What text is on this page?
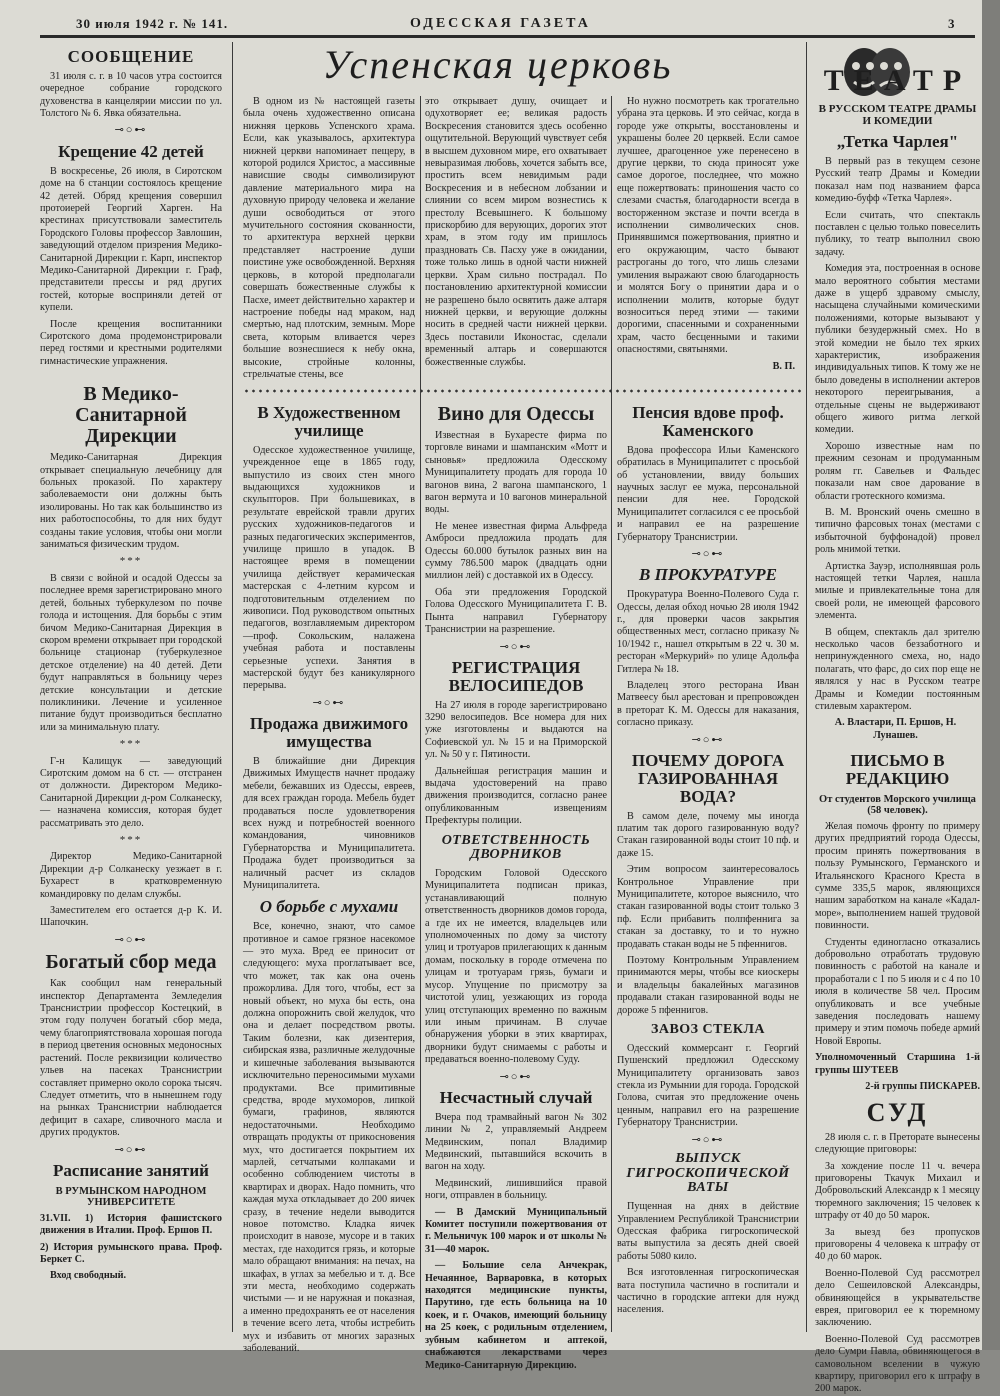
30 июля 1942 г. № 141.	ОДЕССКАЯ ГАЗЕТА	3
Успенская церковь
СООБЩЕНИЕ

31 июля с. г. в 10 часов утра состоится очередное собрание городского духовенства в канцелярии миссии по ул. Толстого № 6. Явка обязательна.

⊸○⊷
Крещение 42 детей

В воскресенье, 26 июля, в Сиротском доме на 6 станции состоялось крещение 42 детей. Обряд крещения совершил протоиерей Георгий Харген. На крестинах присутствовали заместитель Городского Головы профессор Завлошин, заведующий отделом призрения Медико-Санитарной Дирекции г. Карп, инспектор Медико-Санитарной Дирекции г. Граф, представители прессы и ряд других гостей, которые восприняли детей от купели.

После крещения воспитанники Сиротского дома продемонстрировали перед гостями и крестными родителями гимнастические упражнения.

В Медико-Санитарной Дирекции

Медико-Санитарная Дирекция открывает специальную лечебницу для больных проказой. По характеру заболеваемости они должны быть изолированы. Но так как большинство из них работоспособны, то для них будут созданы такие условия, чтобы они могли заниматься физическим трудом.

***

В связи с войной и осадой Одессы за последнее время зарегистрировано много детей, больных туберкулезом по почве голода и истощения. Для борьбы с этим бичом Медико-Санитарная Дирекция в скором времени открывает при городской больнице стационар (туберкулезное детское отделение) на 40 детей. Дети будут направляться в больницу через детские консультации и детские поликлиники. Лечение и усиленное питание будут производиться бесплатно или за минимальную плату.

***

Г-н Калищук — заведующий Сиротским домом на 6 ст. — отстранен от должности. Директором Медико-Санитарной Дирекции д-ром Солканеску, — назначена комиссия, которая будет рассматривать это дело.

***

Директор Медико-Санитарной Дирекции д-р Солканеску уезжает в г. Бухарест в кратковременную командировку по делам службы.

Заместителем его остается д-р К. И. Шапочкин.

⊸○⊷
Богатый сбор меда

Как сообщил нам генеральный инспектор Департамента Земледелия Транснистрии профессор Костецкий, в этом году получен богатый сбор меда, чему благоприятствовала хорошая погода в период цветения основных медоносных растений. После реквизиции количество ульев на пасеках Транснистрии составляет примерно около сорока тысяч. Следует отметить, что в нынешнем году на рынках Транснистрии наблюдается дефицит в сахаре, сливочного масла и других продуктов.

⊸○⊷
Расписание занятий
В РУМЫНСКОМ НАРОДНОМ УНИВЕРСИТЕТЕ

31.VII. 1) История фашистского движения в Италии. Проф. Ершов П.

2) История румынского права. Проф. Беркет С.

Вход свободный.

В одном из № настоящей газеты была очень художественно описана нижняя церковь Успенского храма. Если, как указывалось, архитектура нижней церкви напоминает пещеру, в которой родился Христос, а массивные нависшие своды символизируют давление материального мира на духовную природу человека и желание души освободиться от этого мучительного состояния скованности, то архитектура верхней церкви представляет настроение души поистине уже освобожденной. Верхняя церковь, в которой предполагали совершать божественные службы к Пасхе, имеет действительно характер и настроение победы над мраком, над смертью, над плотским, земным. Море света, которым вливается через большие вознесшиеся к небу окна, высокие, стройные колонны, стрельчатые стены, все

это открывает душу, очищает и одухотворяет ее; великая радость Воскресения становится здесь особенно ощутительной. Верующий чувствует себя в высшем духовном мире, его охватывает невыразимая любовь, хочется забыть все, простить всем невидимым ради Воскресения и в небесном лобзании и слиянии со всем миром вознестись к престолу Всевышнего. К большому прискорбию для верующих, дорогих этот храм, в этом году им пришлось праздновать Св. Пасху уже в ожидании, тоже только лишь в одной части нижней церкви. Храм сильно пострадал. По постановлению архитектурной комиссии не разрешено было освятить даже алтаря нижней церкви, и верующие должны носить в средней части нижней церкви. Здесь поставили Иконостас, сделали временный алтарь и совершаются божественные службы.

Но нужно посмотреть как трогательно убрана эта церковь. И это сейчас, когда в городе уже открыты, восстановлены и украшены более 20 церквей. Если самое лучшее, драгоценное уже перенесено в другие церкви, то сюда приносят уже самое дорогое, последнее, что можно еще пожертвовать: приношения часто со слезами счастья, благодарности всегда в восторженном экстазе и почти всегда в исполнении символических снов. Принявшимся пожертвования, приятно и его окружающим, часто бывают растроганы до того, что лишь слезами умиления выражают свою благодарность и молятся Богу о принятии дара и о исполнении молитв, которые будут возноситься перед этими — такими дорогими, спасенными и сохраненными храм, часто бесценными и такими опасностями, святынями.

В. П.
В Художественном училище

Одесское художественное училище, учрежденное еще в 1865 году, выпустило из своих стен много выдающихся художников и скульпторов. При большевиках, в результате еврейской травли других русских художников-педагогов и разных педагогических экспериментов, училище пришло в упадок. В настоящее время в помещении училища действует керамическая мастерская с 4-летним курсом и подготовительным отделением по живописи. Под руководством опытных педагогов, возглавляемым директором—проф. Сокольским, налажена учебная работа и поставлены серьезные успехи. Занятия в мастерской будут без каникулярного перерыва.

⊸○⊷
Продажа движимого имущества

В ближайшие дни Дирекция Движимых Имуществ начнет продажу мебели, бежавших из Одессы, евреев, для всех граждан города. Мебель будет продаваться после удовлетворения всех нужд и потребностей военного командования, чиновников Губернаторства и Муниципалитета. Продажа будет производиться за наличный расчет из складов Муниципалитета.

О борьбе с мухами

Все, конечно, знают, что самое противное и самое грязное насекомое — это муха. Вред ее приносит от следующего: муха проглатывает все, что может, так как она очень прожорлива. Для того, чтобы, ест за новый объект, но муха бы есть, она должна опорожнить свой желудок, что она и делает посредством рвоты. Таким болезни, как дизентерия, сибирская язва, различные желудочные и кишечные заболевания вызываются исключительно переносимыми мухами продуктами. Все примитивные средства, вроде мухоморов, липкой бумаги, графинов, являются недостаточными. Необходимо отвращать продукты от прикосновения мух, что достигается покрытием их марлей, сетчатыми колпаками и особенно соблюдением чистоты в квартирах и дворах. Надо помнить, что каждая муха откладывает до 200 яичек сразу, в течение недели выводится новое потомство. Кладка яичек происходит в навозе, мусоре и в таких местах, где находится грязь, и которые мало обращают внимания: на печах, на шкафах, в углах за мебелью и т. д. Все эти места, необходимо содержать чистыми — и не наружная и показная, а именно предохранять ее от населения в течение всего лета, чтобы истребить мух и избавить от многих заразных заболеваний.

Вино для Одессы

Известная в Бухаресте фирма по торговле винами и шампанским «Мотт и сыновья» предложила Одесскому Муниципалитету продать для города 10 вагонов вина, 2 вагона шампанского, 1 вагон вермута и 10 вагонов минеральной воды.

Не менее известная фирма Альфреда Амброси предложила продать для Одессы 60.000 бутылок разных вин на сумму 786.500 марок (двадцать одни миллион лей) с доставкой их в Одессу.

Оба эти предложения Городской Голова Одесского Муниципалитета Г. В. Пынта направил Губернатору Транснистрии на разрешение.

⊸○⊷
РЕГИСТРАЦИЯ ВЕЛОСИПЕДОВ

На 27 июля в городе зарегистрировано 3290 велосипедов. Все номера для них уже изготовлены и выдаются на Софиевской ул. № 15 и на Приморской ул. № 50 у г. Пятиности.

Дальнейшая регистрация машин и выдача удостоверений на право движения производится, согласно ранее опубликованным извещениям Префектуры полиции.

ОТВЕТСТВЕННОСТЬ ДВОРНИКОВ

Городским Головой Одесского Муниципалитета подписан приказ, устанавливающий полную ответственность дворников домов города, а где их не имеется, владельцев или уполномоченных по дому за чистоту улиц и тротуаров прилегающих к данным домам, поскольку в городе отмечена по улицам и тротуарам грязь, бумаги и мусор. Упущение по присмотру за чистотой улиц, уезжающих из города улиц отступающих временно по важным или иным причинам. В случае обнаружения уборки в этих квартирах, дворники будут снимаемы с работы и предаваться военно-полевому Суду.

⊸○⊷
Несчастный случай

Вчера под трамвайный вагон № 302 линии № 2, управляемый Андреем Медвинским, попал Владимир Медвинский, пытавшийся вскочить в вагон на ходу.

Медвинский, лишившийся правой ноги, отправлен в больницу.

— В Дамский Муниципальный Комитет поступили пожертвования от г. Мельничук 100 марок и от школы № 31—40 марок.

— Большие села Анчекрак, Нечаянное, Варваровка, в которых находятся медицинские пункты, Парутино, где есть больница на 10 коек, и г. Очаков, имеющий больницу на 25 коек, с родильным отделением, зубным кабинетом и аптекой, снабжаются лекарствами через Медико-Санитарную Дирекцию.

Пенсия вдове проф. Каменского

Вдова профессора Ильи Каменского обратилась в Муниципалитет с просьбой об установлении, ввиду больших научных заслуг ее мужа, персональной пенсии для нее. Городской Муниципалитет согласился с ее просьбой и направил ее на разрешение Губернатору Транснистрии.

⊸○⊷
В ПРОКУРАТУРЕ

Прокуратура Военно-Полевого Суда г. Одессы, делая обход ночью 28 июля 1942 г., для проверки часов закрытия общественных мест, согласно приказу № 10/1942 г., нашел открытым в 22 ч. 30 м. ресторан «Меркурий» по улице Адольфа Гитлера № 18.

Владелец этого ресторана Иван Матвеесу был арестован и препровожден в преторат К. М. Одессы для наказания, согласно приказу.

⊸○⊷
ПОЧЕМУ ДОРОГА ГАЗИРОВАННАЯ ВОДА?

В самом деле, почему мы иногда платим так дорого газированную воду? Стакан газированной воды стоит 10 пф. и даже 15.

Этим вопросом заинтересовалось Контрольное Управление при Муниципалитете, которое выяснило, что стакан газированной воды стоит только 3 пф. Если прибавить полпфеннига за стакан за доставку, то и то нужно продавать стакан воды не 5 пфеннигов.

Поэтому Контрольным Управлением принимаются меры, чтобы все киоскеры и владельцы бакалейных магазинов продавали стакан газированной воды не дороже 5 пфеннигов.

ЗАВОЗ СТЕКЛА

Одесский коммерсант г. Георгий Пушенский предложил Одесскому Муниципалитету организовать завоз стекла из Румынии для города. Городской Голова, считая это предложение очень ценным, направил его на разрешение Губернатору Транснистрии.

⊸○⊷
ВЫПУСК ГИГРОСКОПИЧЕСКОЙ ВАТЫ

Пущенная на днях в действие Управлением Республикой Транснистрии Одесская фабрика гигроскопической ваты выпустила за десять дней своей работы 5080 кило.

Вся изготовленная гигроскопическая вата поступила частично в госпитали и частично в городские аптеки для нужд населения.

ТЕАТР
В РУССКОМ ТЕАТРЕ ДРАМЫ И КОМЕДИИ
„Тетка Чарлея"

В первый раз в текущем сезоне Русский театр Драмы и Комедии показал нам под названием фарса комедию-буфф «Тетка Чарлея».

Если считать, что спектакль поставлен с целью только повеселить публику, то театр выполнил свою задачу.

Комедия эта, построенная в основе мало вероятного события местами даже в ущерб здравому смыслу, насыщена случайными комическими положениями, которые вызывают у публики безудержный смех. Но в этой комедии не было тех ярких характеристик, изображения индивидуальных типов. К тому же не было доведены в исполнении актеров некоторого переигрывания, а отдельные сцены не выдерживают общего живого ритма легкой комедии.

Хорошо известные нам по прежним сезонам и продуманным ролям гг. Савельев и Фальдес показали нам свое дарование в области гротескного комизма.

В. М. Вронский очень смешно в типично фарсовых тонах (местами с избыточной буффонадой) провел роль мнимой тетки.

Артистка Зауэр, исполнявшая роль настоящей тетки Чарлея, нашла милые и привлекательные тона для своей роли, не имеющей фарсового элемента.

В общем, спектакль дал зрителю несколько часов беззаботного и непринужденного смеха, но, надо полагать, что фарс, до сих пор еще не являлся у нас в Русском театре Драмы и Комедии постоянным стилевым характером.

А. Властари, П. Ершов, Н. Лунашев.
ПИСЬМО В РЕДАКЦИЮ
От студентов Морского училища (58 человек).

Желая помочь фронту по примеру других предприятий города Одессы, просим принять пожертвования в пользу Румынского, Германского и Итальянского Красного Креста в сумме 335,5 марок, являющихся нашим заработком на канале «Кадал-море», выполнением нашей трудовой повинности.

Студенты единогласно отказались добровольно отработать трудовую повинность с работой на канале и проработали с 1 по 5 июля и с 4 по 10 июля в количестве 58 чел. Просим опубликовать и все учебные заведения последовать нашему примеру и этим помочь победе армий Новой Европы.

Уполномоченный Старшина 1-й группы ШУТЕЕВ

2-й группы ПИСКАРЕВ.

СУД

28 июля с. г. в Преторате вынесены следующие приговоры:

За хождение после 11 ч. вечера приговорены Ткачук Михаил и Добровольский Александр к 1 месяцу тюремного заключения; 15 человек к штрафу от 40 до 50 марок.

За выезд без пропусков приговорены 4 человека к штрафу от 40 до 60 марок.

Военно-Полевой Суд рассмотрел дело Сешеиловской Александры, обвиняющейся в укрывательстве еврея, приговорил ее к тюремному заключению.

Военно-Полевой Суд рассмотрев дело Сумри Павла, обвиняющегося в самовольном вселении в чужую квартиру, приговорил его к штрафу в 200 марок.
